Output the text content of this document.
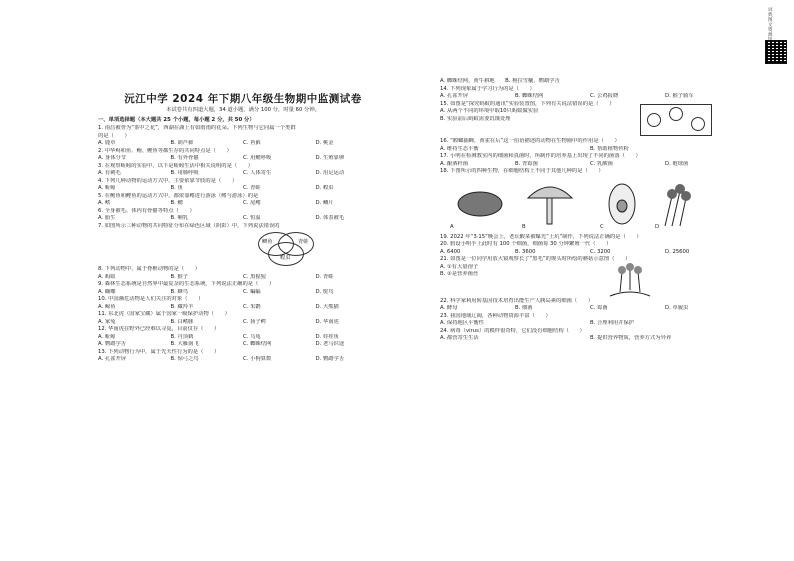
沅江中学 2024 年下期八年级生物期中监测试卷
本试卷共有四道大题，34 道小题，满分 100 分，时量 60 分钟。
一、单项选择题（本大题共 25 个小题，每小题 2 分，共 50 分）
1. 南昌被誉为“茶中之花”，西湖在湖上有如雨雨的花朵。下列生物与它同属一个类群
的是（　　）
A. 鹿草	B. 葫芦藓	C. 苔藓	D. 桃金
2. 中华鲟和鱼、鲍、鲤鱼等都生存的共同特点是（　　）
A. 身体分节	B. 有外骨骼	C. 用鳃呼吸	D. 生殖靠卵
3. 在观察蚯蚓的实验中，以下是蚯蚓生活中相关说明的是（　　）
A. 有刺毛	B. 用肺呼吸	C. 人体寄生	D. 用足运动
4. 下列几种动物的运动方式中，主要依靠节肢的是（　　）
A. 蚯蚓	B. 鱼	C. 青蛙	D. 蝗虫
5. 在鲍鱼和鲤鱼的运动方式中，都依靠鳍进行游泳（鳍与游泳）的是
A. 鳍	B. 鳃	C. 尾鳍	D. 鳞片
6. 全身被毛、体内有骨骼等特点（　　）
A. 胎生	B. 哺乳	C. 恒温	D. 体表被毛
7. 如图所示三种动物的共同特征分布在绿色区域（阴影）中，下列说法错误的
鲫鱼	青蛙
蝗虫
8. 下列动物中，属于脊椎动物的是（　　）
A. 蚂蚁	B. 猴子	C. 黑猩猩	D. 青蛙
9. 森林生态系统是自然界中最复杂的生态系统，下列说法正确的是（　　）
A. 蝴蝶	B. 蜂鸟	C. 蝙蝠	D. 鸵鸟
10. 中国濒危动物是人们关注的对象（　　）
A. 鲸鱼	B. 藏羚羊	C. 朱鹮	D. 大熊猫
11. 东北虎（国家宝藏）属于国家一级保护动物（　　）
A. 家兔	B. 白鳍豚	C. 扬子鳄	D. 华南虎
12. 华南虎在野外已经难以寻觅，目前仅存（　　）
A. 蚯蚓	B. 丹顶鹤	C. 乌龟	D. 娃娃鱼
A. 鹦鹉学舌	B. 大雁南飞	C. 蜘蛛结网	D. 老马识途
13. 下列动物行为中，属于先天性行为的是（　　）
A. 孔雀开屏	B. 惊弓之鸟	C. 小狗算数	D. 鹦鹉学舌
A. 蜘蛛结网，黄牛耕地　　B. 狗拉雪橇，鹦鹉学舌
14. 下列现象属于学习行为的是（　　）
A. 孔雀开屏	B. 蜘蛛结网	C. 公鸡报晓	D. 猴子骑车
15. 如图是“探究蚂蚁的通讯”实验装置图，下列有关说法错误的是（　　）
A. 从两个不同的环境中取10只蚂蚁做实验
B. 实验前后蚂蚁需要饥饿处理
16. “螳螂捕蝉，黄雀在后”这一俗语描述的动物在生物圈中的作用是（　　）
A. 维持生态平衡	B. 帮助植物传粉
17. 小明在检测教室内的细菌和真菌时，所制作的培养基上出现了不同的菌落（　　）
A. 酿酒杆菌	B. 青霉菌	C. 乳酸菌	D. 链球菌
18. 下图所示的四种生物，在细胞结构上不同于其他几种的是（　　）
A	B	C	D
19. 2022 年“3·15”晚会上，老坛酸菜被曝光“土坑”制作，下列说法正确的是（　　）
20. 假设小明手上此时有 100 个细菌，细菌每 30 分钟繁殖一代（　　）
A. 6400	B. 3600	C. 3200	D. 25600
21. 如图是一位同学用放大镜观察长了“黑毛”的馒头时所绘的蘑菇示意图（　　）
A. ①有大量孢子
B. ②是营养菌丝
22. 科学家利用转基因技术培育出能生产人胰岛素的细菌（　　）
A. 酵母	B. 细菌	C. 霉菌	D. 草履虫
23. 我国地域辽阔，各种动物资源丰富（　　）
A. 保持地区平衡性	B. 合理利用并保护
24. 病毒（virus）的模样很奇特，它们没有细胞结构（　　）
A. 都营寄生生活	B. 提供营养物质，营养方式为异养
词典图文资源
